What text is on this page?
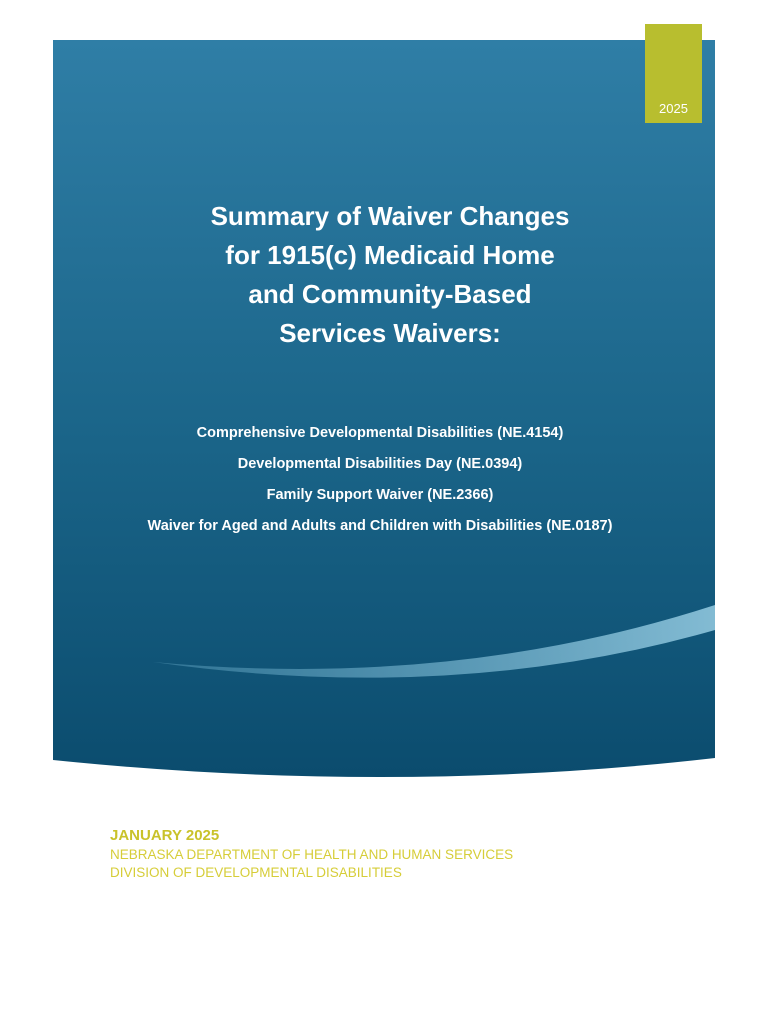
2025
Summary of Waiver Changes
for 1915(c) Medicaid Home
and Community-Based
Services Waivers:
Comprehensive Developmental Disabilities (NE.4154)
Developmental Disabilities Day (NE.0394)
Family Support Waiver (NE.2366)
Waiver for Aged and Adults and Children with Disabilities (NE.0187)
JANUARY 2025
NEBRASKA DEPARTMENT OF HEALTH AND HUMAN SERVICES
DIVISION OF DEVELOPMENTAL DISABILITIES
